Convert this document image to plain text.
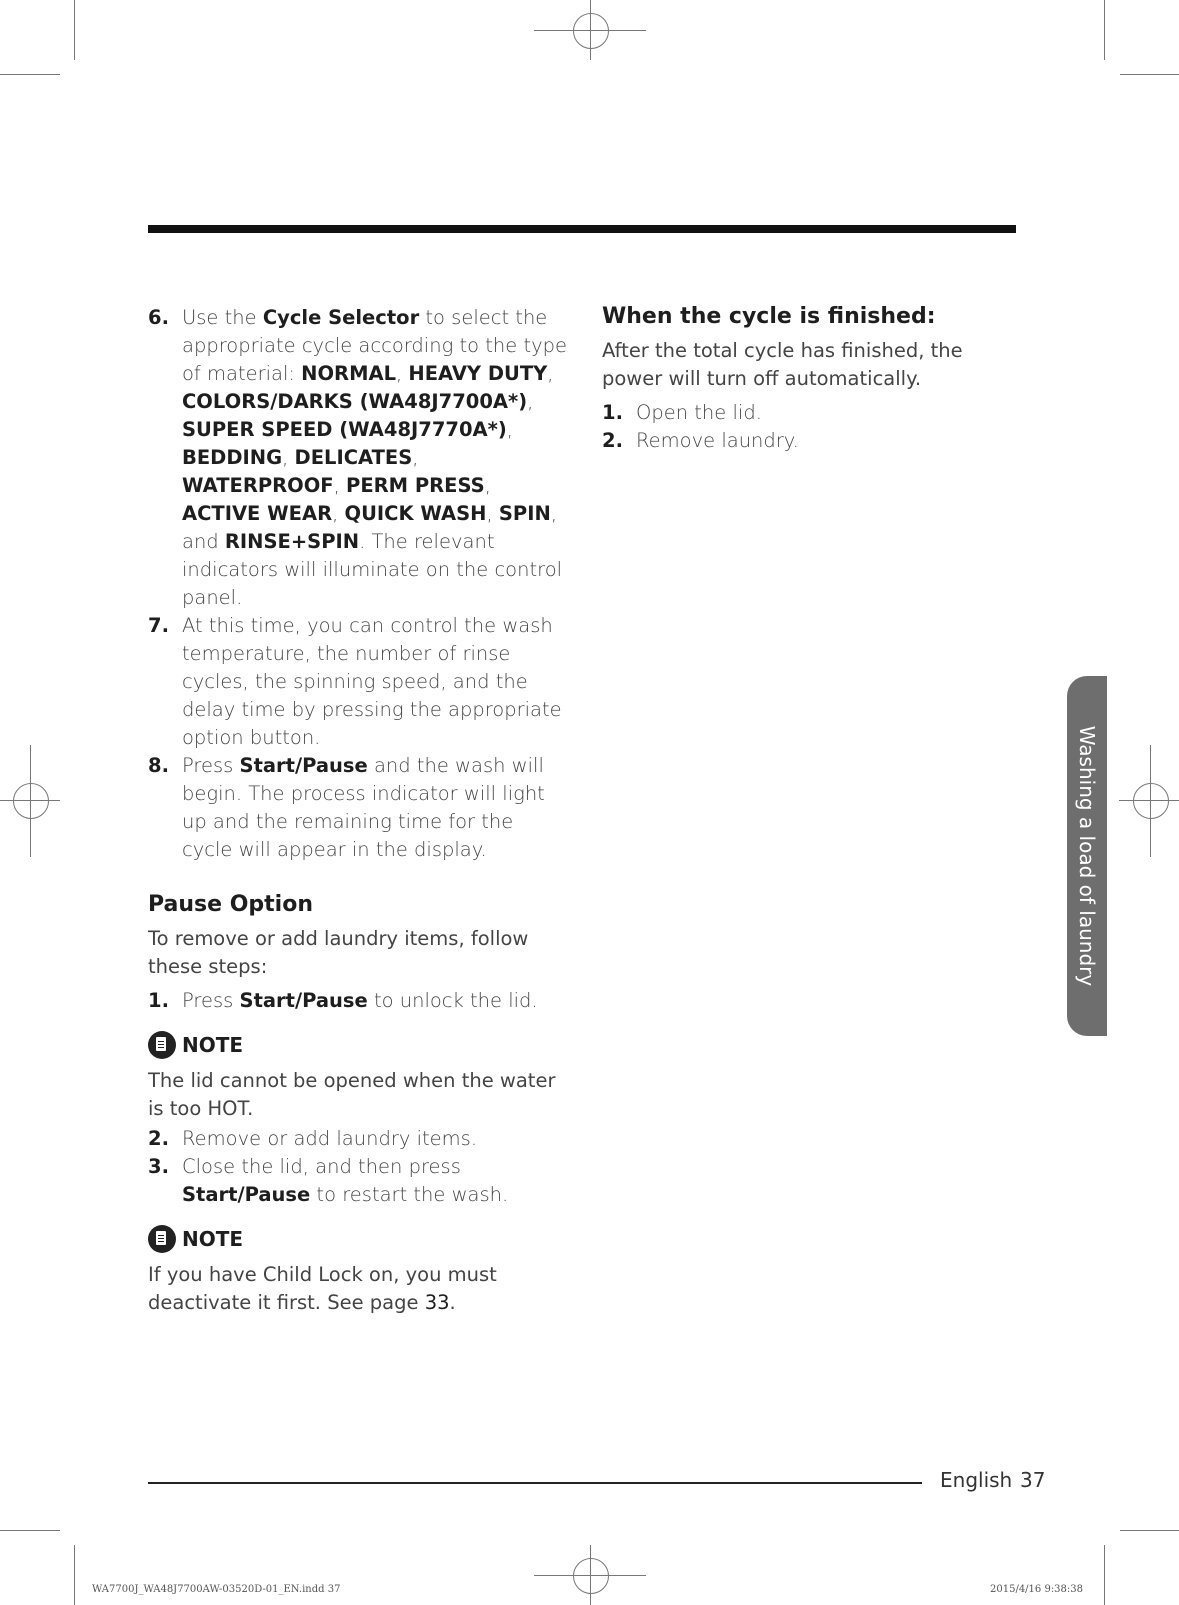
6. Use the Cycle Selector to select the appropriate cycle according to the type of material: NORMAL, HEAVY DUTY, COLORS/DARKS (WA48J7700A*), SUPER SPEED (WA48J7770A*), BEDDING, DELICATES, WATERPROOF, PERM PRESS, ACTIVE WEAR, QUICK WASH, SPIN, and RINSE+SPIN. The relevant indicators will illuminate on the control panel.
7. At this time, you can control the wash temperature, the number of rinse cycles, the spinning speed, and the delay time by pressing the appropriate option button.
8. Press Start/Pause and the wash will begin. The process indicator will light up and the remaining time for the cycle will appear in the display.
Pause Option
To remove or add laundry items, follow these steps:
1. Press Start/Pause to unlock the lid.
NOTE
The lid cannot be opened when the water is too HOT.
2. Remove or add laundry items.
3. Close the lid, and then press Start/Pause to restart the wash.
NOTE
If you have Child Lock on, you must deactivate it first. See page 33.
When the cycle is finished:
After the total cycle has finished, the power will turn off automatically.
1. Open the lid.
2. Remove laundry.
Washing a load of laundry
English 37
WA7700J_WA48J7700AW-03520D-01_EN.indd 37	2015/4/16 9:38:38
